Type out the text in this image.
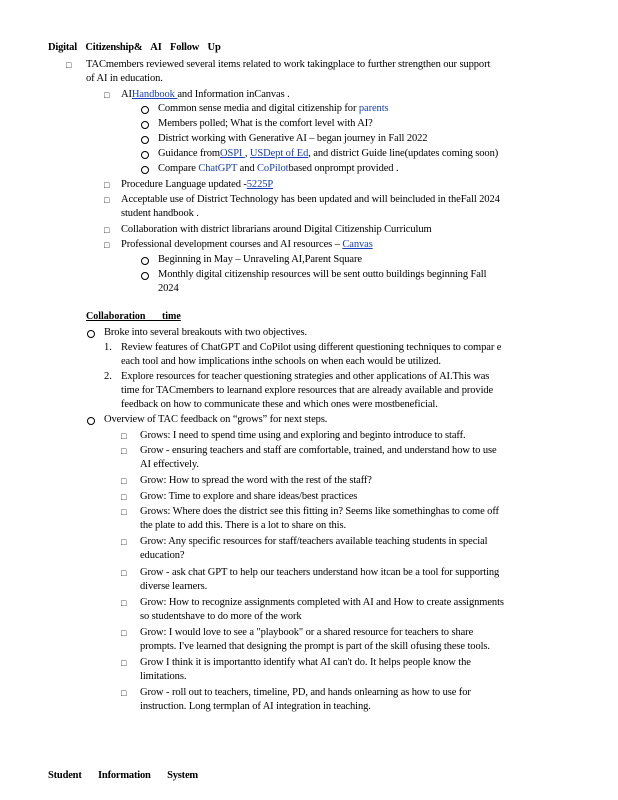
Digital Citizenship& AI Follow Up
□ TACmembers reviewed several items related to work takingplace to further strengthen our support
of AI in education.
□ AIHandbook and Information inCanvas .
Common sense media and digital citizenship for parents
Members polled; What is the comfort level with AI?
District working with Generative AI – began journey in Fall 2022
Guidance fromOSPI , USDept of Ed, and district Guide line(updates coming soon)
Compare ChatGPT and CoPilotbased onprompt provided .
□ Procedure Language updated -5225P
□ Acceptable use of District Technology has been updated and will beincluded in theFall 2024
student handbook .
□ Collaboration with district librarians around Digital Citizenship Curriculum
□ Professional development courses and AI resources – Canvas
Beginning in May – Unraveling AI,Parent Square
Monthly digital citizenship resources will be sent outto buildings beginning Fall
2024
Collaboration time
Broke into several breakouts with two objectives.
1. Review features of ChatGPT and CoPilot using different questioning techniques to compar e
each tool and how implications inthe schools on when each would be utilized.
2. Explore resources for teacher questioning strategies and other applications of AI.This was
time for TACmembers to learnand explore resources that are already available and provide
feedback on how to communicate these and which ones were mostbeneficial.
Overview of TAC feedback on “grows” for next steps.
□ Grows: I need to spend time using and exploring and beginto introduce to staff.
□ Grow - ensuring teachers and staff are comfortable, trained, and understand how to use
AI effectively.
□ Grow: How to spread the word with the rest of the staff?
□ Grow: Time to explore and share ideas/best practices
□ Grows: Where does the district see this fitting in? Seems like somethinghas to come off
the plate to add this. There is a lot to share on this.
□ Grow: Any specific resources for staff/teachers available teaching students in special
education?
□ Grow - ask chat GPT to help our teachers understand how itcan be a tool for supporting
diverse learners.
□ Grow: How to recognize assignments completed with AI and How to create assignments
so studentshave to do more of the work
□ Grow: I would love to see a "playbook" or a shared resource for teachers to share
prompts. I've learned that designing the prompt is part of the skill ofusing these tools.
□ Grow I think it is importantto identify what AI can't do. It helps people know the
limitations.
□ Grow - roll out to teachers, timeline, PD, and hands onlearning as how to use for
instruction. Long termplan of AI integration in teaching.
Student Information System
